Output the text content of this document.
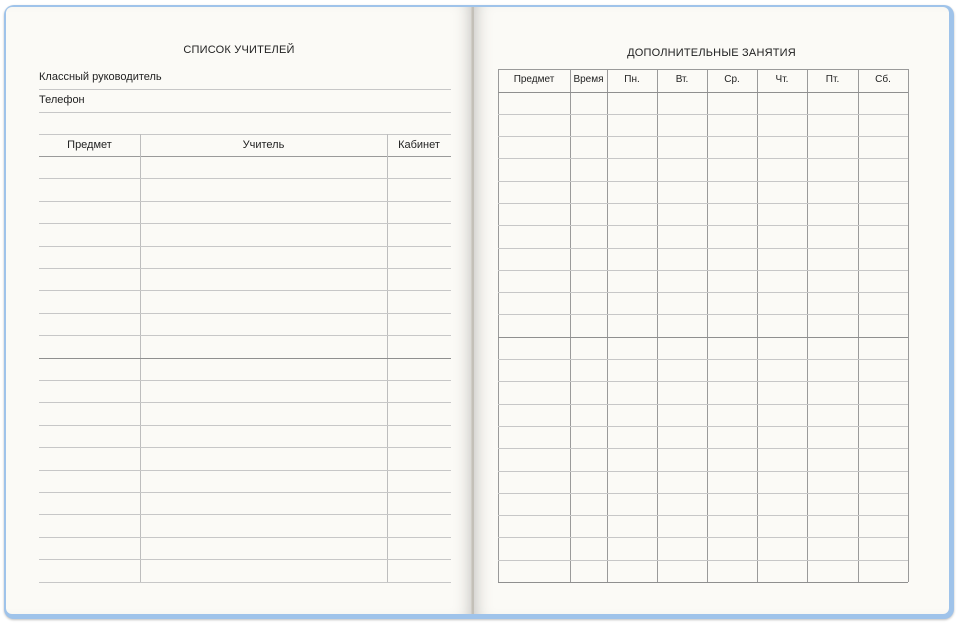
СПИСОК УЧИТЕЛЕЙ
Классный руководитель
Телефон
Предмет	Учитель	Кабинет
ДОПОЛНИТЕЛЬНЫЕ ЗАНЯТИЯ
Предмет	Время	Пн.	Вт.	Ср.	Чт.	Пт.	Сб.
